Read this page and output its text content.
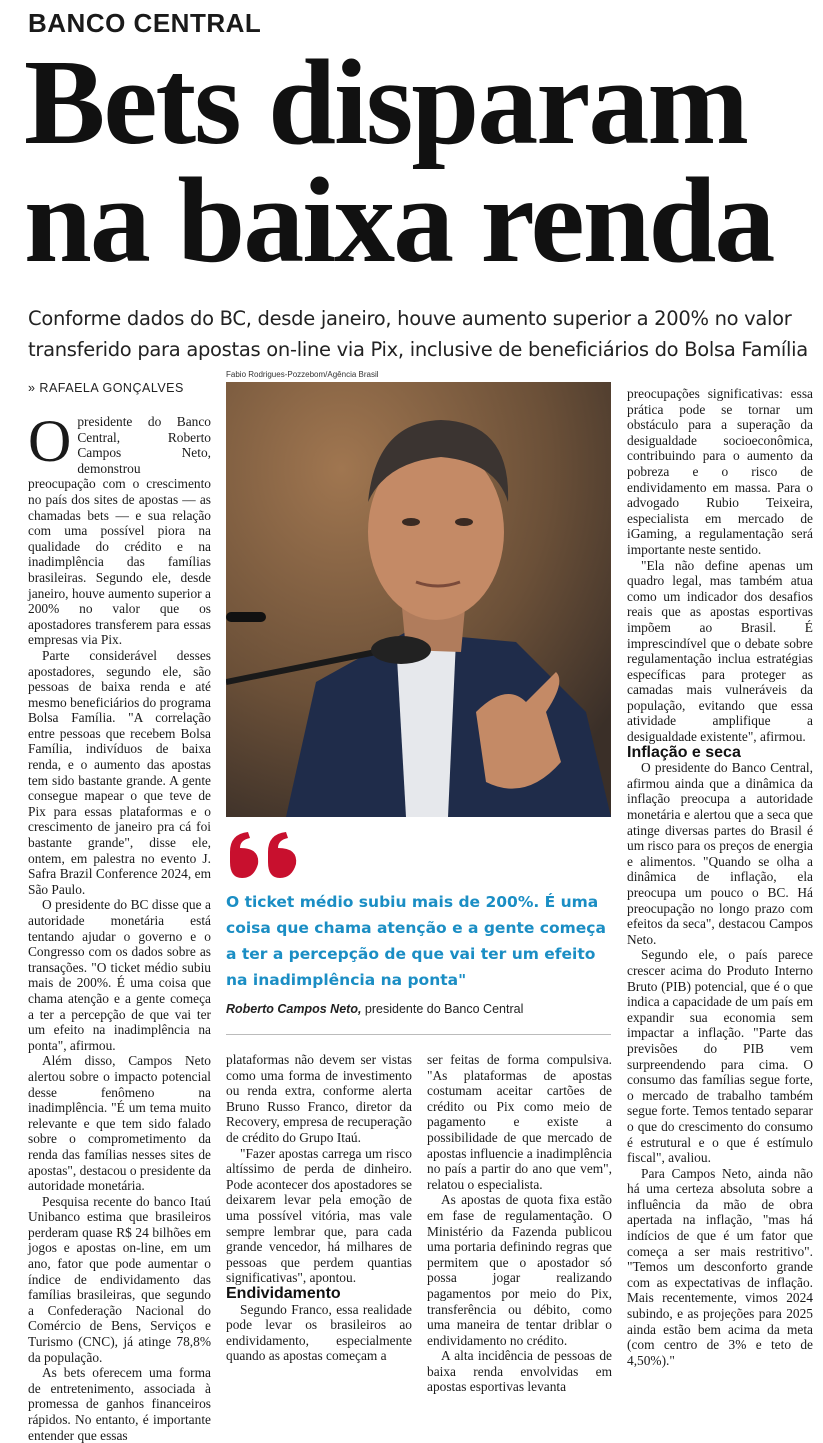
BANCO CENTRAL
Bets disparam
na baixa renda
Conforme dados do BC, desde janeiro, houve aumento superior a 200% no valor transferido para apostas on-line via Pix, inclusive de beneficiários do Bolsa Família
» RAFAELA GONÇALVES

Opresidente do Banco Central, Roberto Campos Neto, demonstrou preocupação com o crescimento no país dos sites de apostas — as chamadas bets — e sua relação com uma possível piora na qualidade do crédito e na inadimplência das famílias brasileiras. Segundo ele, desde janeiro, houve aumento superior a 200% no valor que os apostadores transferem para essas empresas via Pix.

Parte considerável desses apostadores, segundo ele, são pessoas de baixa renda e até mesmo beneficiários do programa Bolsa Família. "A correlação entre pessoas que recebem Bolsa Família, indivíduos de baixa renda, e o aumento das apostas tem sido bastante grande. A gente consegue mapear o que teve de Pix para essas plataformas e o crescimento de janeiro pra cá foi bastante grande", disse ele, ontem, em palestra no evento J. Safra Brazil Conference 2024, em São Paulo.

O presidente do BC disse que a autoridade monetária está tentando ajudar o governo e o Congresso com os dados sobre as transações. "O ticket médio subiu mais de 200%. É uma coisa que chama atenção e a gente começa a ter a percepção de que vai ter um efeito na inadimplência na ponta", afirmou.

Além disso, Campos Neto alertou sobre o impacto potencial desse fenômeno na inadimplência. "É um tema muito relevante e que tem sido falado sobre o comprometimento da renda das famílias nesses sites de apostas", destacou o presidente da autoridade monetária.

Pesquisa recente do banco Itaú Unibanco estima que brasileiros perderam quase R$ 24 bilhões em jogos e apostas on-line, em um ano, fator que pode aumentar o índice de endividamento das famílias brasileiras, que segundo a Confederação Nacional do Comércio de Bens, Serviços e Turismo (CNC), já atinge 78,8% da população.

As bets oferecem uma forma de entretenimento, associada à promessa de ganhos financeiros rápidos. No entanto, é importante entender que essas

Fabio Rodrigues-Pozzebom/Agência Brasil
O ticket médio subiu mais de 200%. É uma coisa que chama atenção e a gente começa a ter a percepção de que vai ter um efeito na inadimplência na ponta"
Roberto Campos Neto, presidente do Banco Central

plataformas não devem ser vistas como uma forma de investimento ou renda extra, conforme alerta Bruno Russo Franco, diretor da Recovery, empresa de recuperação de crédito do Grupo Itaú.

"Fazer apostas carrega um risco altíssimo de perda de dinheiro. Pode acontecer dos apostadores se deixarem levar pela emoção de uma possível vitória, mas vale sempre lembrar que, para cada grande vencedor, há milhares de pessoas que perdem quantias significativas", apontou.

Endividamento

Segundo Franco, essa realidade pode levar os brasileiros ao endividamento, especialmente quando as apostas começam a

ser feitas de forma compulsiva. "As plataformas de apostas costumam aceitar cartões de crédito ou Pix como meio de pagamento e existe a possibilidade de que mercado de apostas influencie a inadimplência no país a partir do ano que vem", relatou o especialista.

As apostas de quota fixa estão em fase de regulamentação. O Ministério da Fazenda publicou uma portaria definindo regras que permitem que o apostador só possa jogar realizando pagamentos por meio do Pix, transferência ou débito, como uma maneira de tentar driblar o endividamento no crédito.

A alta incidência de pessoas de baixa renda envolvidas em apostas esportivas levanta

preocupações significativas: essa prática pode se tornar um obstáculo para a superação da desigualdade socioeconômica, contribuindo para o aumento da pobreza e o risco de endividamento em massa. Para o advogado Rubio Teixeira, especialista em mercado de iGaming, a regulamentação será importante neste sentido.

"Ela não define apenas um quadro legal, mas também atua como um indicador dos desafios reais que as apostas esportivas impõem ao Brasil. É imprescindível que o debate sobre regulamentação inclua estratégias específicas para proteger as camadas mais vulneráveis da população, evitando que essa atividade amplifique a desigualdade existente", afirmou.

Inflação e seca

O presidente do Banco Central, afirmou ainda que a dinâmica da inflação preocupa a autoridade monetária e alertou que a seca que atinge diversas partes do Brasil é um risco para os preços de energia e alimentos. "Quando se olha a dinâmica de inflação, ela preocupa um pouco o BC. Há preocupação no longo prazo com efeitos da seca", destacou Campos Neto.

Segundo ele, o país parece crescer acima do Produto Interno Bruto (PIB) potencial, que é o que indica a capacidade de um país em expandir sua economia sem impactar a inflação. "Parte das previsões do PIB vem surpreendendo para cima. O consumo das famílias segue forte, o mercado de trabalho também segue forte. Temos tentado separar o que do crescimento do consumo é estrutural e o que é estímulo fiscal", avaliou.

Para Campos Neto, ainda não há uma certeza absoluta sobre a influência da mão de obra apertada na inflação, "mas há indícios de que é um fator que começa a ser mais restritivo". "Temos um desconforto grande com as expectativas de inflação. Mais recentemente, vimos 2024 subindo, e as projeções para 2025 ainda estão bem acima da meta (com centro de 3% e teto de 4,50%)."
